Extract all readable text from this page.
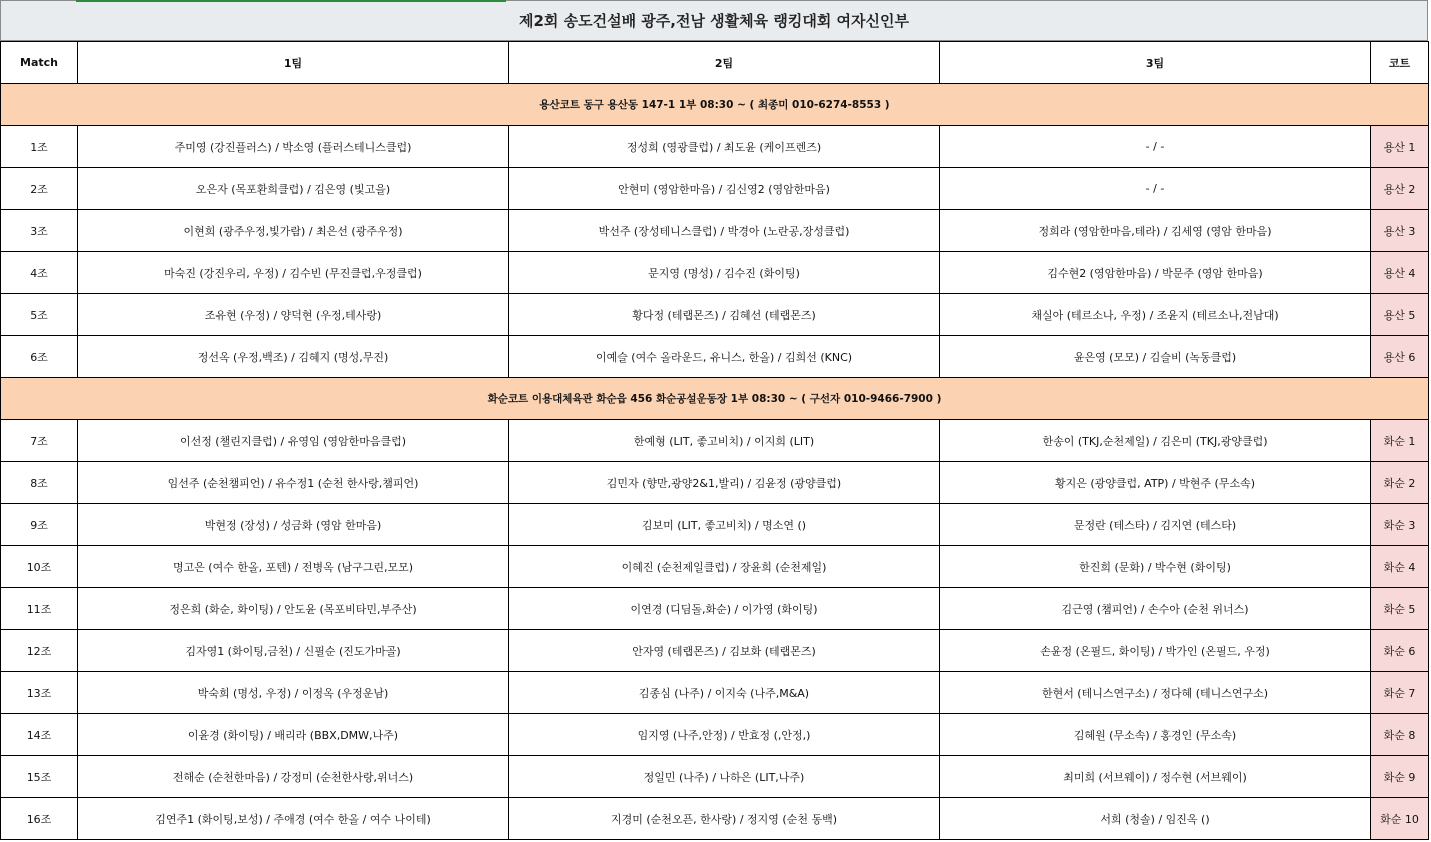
제2회 송도건설배 광주,전남 생활체육 랭킹대회 여자신인부
Match	1팀	2팀	3팀	코트
용산코트 동구 용산동 147-1 1부 08:30 ~ ( 최종미 010-6274-8553 )				
1조	주미영 (강진플러스) / 박소영 (플러스테니스클럽)	정성희 (영광클럽) / 최도윤 (케이프렌즈)	- / -	용산 1
2조	오은자 (목포환희클럽) / 김은영 (빛고을)	안현미 (영암한마음) / 김신영2 (영암한마음)	- / -	용산 2
3조	이현희 (광주우정,빛가람) / 최은선 (광주우정)	박선주 (장성테니스클럽) / 박경아 (노란공,장성클럽)	정희라 (영암한마음,테라) / 김세영 (영암 한마음)	용산 3
4조	마숙진 (강진우리, 우정) / 김수빈 (무진클럽,우정클럽)	문지영 (명성) / 김수진 (화이팅)	김수현2 (영암한마음) / 박문주 (영암 한마음)	용산 4
5조	조유현 (우정) / 양덕현 (우정,테사랑)	황다정 (테랩몬즈) / 김혜선 (테랩몬즈)	채실아 (테르소나, 우정) / 조윤지 (테르소나,전남대)	용산 5
6조	정선옥 (우정,백조) / 김혜지 (명성,무진)	이예슬 (여수 올라운드, 유니스, 한올) / 김희선 (KNC)	윤은영 (모모) / 김슬비 (녹동클럽)	용산 6
화순코트 이용대체육관 화순읍 456 화순공설운동장 1부 08:30 ~ ( 구선자 010-9466-7900 )				
7조	이선정 (챌린지클럽) / 유영임 (영암한마음클럽)	한예형 (LIT, 좋고비치) / 이지희 (LIT)	한송이 (TKJ,순천제일) / 김은미 (TKJ,광양클럽)	화순 1
8조	임선주 (순천챔피언) / 유수정1 (순천 한사랑,챔피언)	김민자 (향만,광양2&1,발리) / 김윤정 (광양클럽)	황지은 (광양클럽, ATP) / 박현주 (무소속)	화순 2
9조	박현정 (장성) / 성금화 (영암 한마음)	김보미 (LIT, 좋고비치) / 명소연 ()	문정란 (테스타) / 김지연 (테스타)	화순 3
10조	명고은 (여수 한올, 포텐) / 전병옥 (남구그린,모모)	이혜진 (순천제일클럽) / 장윤희 (순천제일)	한진희 (문화) / 박수현 (화이팅)	화순 4
11조	정은희 (화순, 화이팅) / 안도윤 (목포비타민,부주산)	이연경 (디딤돌,화순) / 이가영 (화이팅)	김근영 (챔피언) / 손수아 (순천 위너스)	화순 5
12조	김자영1 (화이팅,금천) / 신필순 (진도가마골)	안자영 (테랩몬즈) / 김보화 (테랩몬즈)	손윤정 (온필드, 화이팅) / 박가인 (온필드, 우정)	화순 6
13조	박숙희 (명성, 우정) / 이정옥 (우정운남)	김종심 (나주) / 이지숙 (나주,M&A)	한현서 (테니스연구소) / 정다혜 (테니스연구소)	화순 7
14조	이윤경 (화이팅) / 배리라 (BBX,DMW,나주)	임지영 (나주,안정) / 반효정 (,안정,)	김혜원 (무소속) / 홍경인 (무소속)	화순 8
15조	전해순 (순천한마음) / 강정미 (순천한사랑,위너스)	정일민 (나주) / 나하은 (LIT,나주)	최미희 (서브웨이) / 정수현 (서브웨이)	화순 9
16조	김연주1 (화이팅,보성) / 주애경 (여수 한올 / 여수 나이테)	지경미 (순천오픈, 한사랑) / 정지영 (순천 동백)	서희 (청솔) / 임진옥 ()	화순 10
